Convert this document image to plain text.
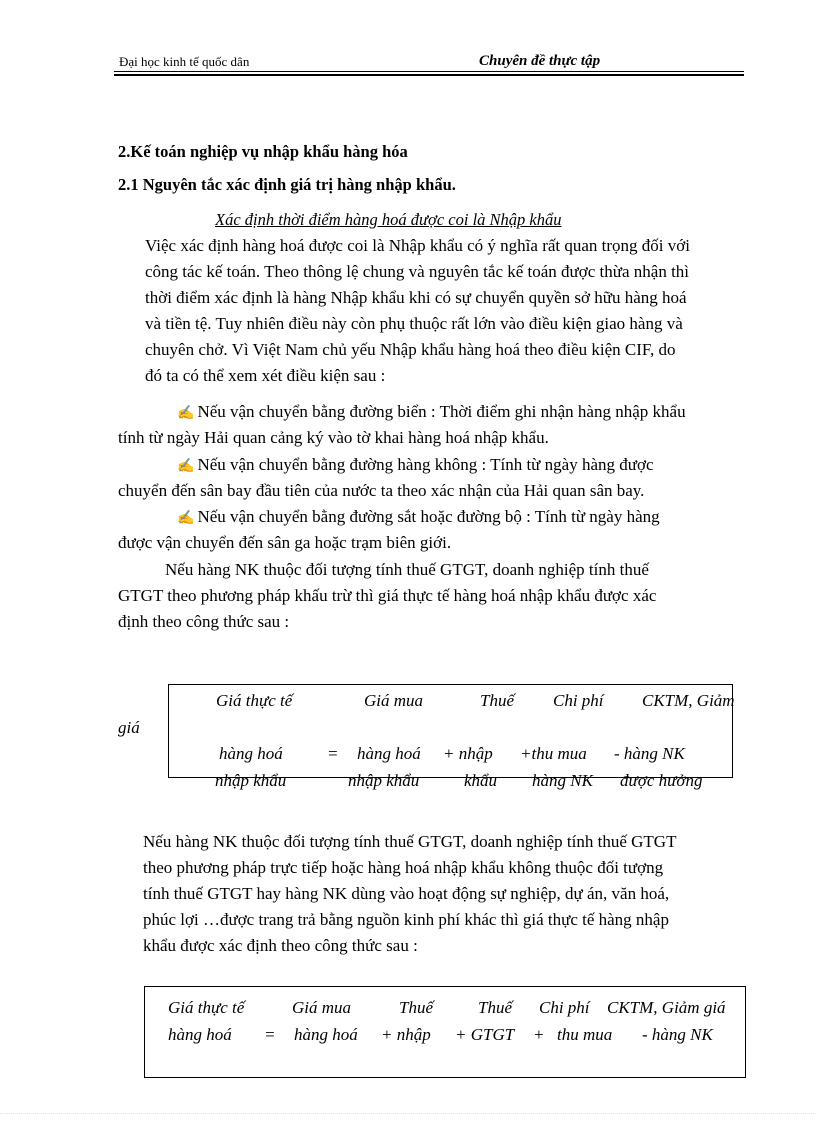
Đại học kinh tế quốc dân	Chuyên đề thực tập
2.Kế toán nghiệp vụ nhập khẩu hàng hóa
2.1 Nguyên tắc xác định giá trị hàng nhập khẩu.
Xác định thời điểm hàng hoá được coi là Nhập khẩu
Việc xác định hàng hoá được coi là Nhập khẩu có ý nghĩa rất quan trọng đối với
công tác kế toán. Theo thông lệ chung và nguyên tắc kế toán được thừa nhận thì
thời điểm xác định là hàng Nhập khẩu khi có sự chuyển quyền sở hữu hàng hoá
và tiền tệ. Tuy nhiên điều này còn phụ thuộc rất lớn vào điều kiện giao hàng và
chuyên chở. Vì Việt Nam chủ yếu Nhập khẩu hàng hoá theo điều kiện CIF, do
đó ta có thể xem xét điều kiện sau :
✍ Nếu vận chuyển bằng đường biển : Thời điểm ghi nhận hàng nhập khẩu
tính từ ngày Hải quan cảng ký vào tờ khai hàng hoá nhập khẩu.
✍ Nếu vận chuyển bằng đường hàng không : Tính từ ngày hàng được
chuyển đến sân bay đầu tiên của nước ta theo xác nhận của Hải quan sân bay.
✍ Nếu vận chuyển bằng đường sắt hoặc đường bộ : Tính từ ngày hàng
được vận chuyển đến sân ga hoặc trạm biên giới.
Nếu hàng NK thuộc đối tượng tính thuế GTGT, doanh nghiệp tính thuế
GTGT theo phương pháp khấu trừ thì giá thực tế hàng hoá nhập khẩu được xác
định theo công thức sau :
Giá thực tế	Giá mua	Thuế Chi phí CKTM, Giảm
giá
hàng hoá	= hàng hoá + nhập +thu mua - hàng NK
nhập khẩu	nhập khẩu	khẩu hàng NK được hưởng
Nếu hàng NK thuộc đối tượng tính thuế GTGT, doanh nghiệp tính thuế GTGT
theo phương pháp trực tiếp hoặc hàng hoá nhập khẩu không thuộc đối tượng
tính thuế GTGT hay hàng NK dùng vào hoạt động sự nghiệp, dự án, văn hoá,
phúc lợi …được trang trả bằng nguồn kinh phí khác thì giá thực tế hàng nhập
khẩu được xác định theo công thức sau :
Giá thực tế	Giá mua	Thuế	Thuế Chi phí CKTM, Giảm giá
hàng hoá = hàng hoá + nhập + GTGT + thu mua - hàng NK
